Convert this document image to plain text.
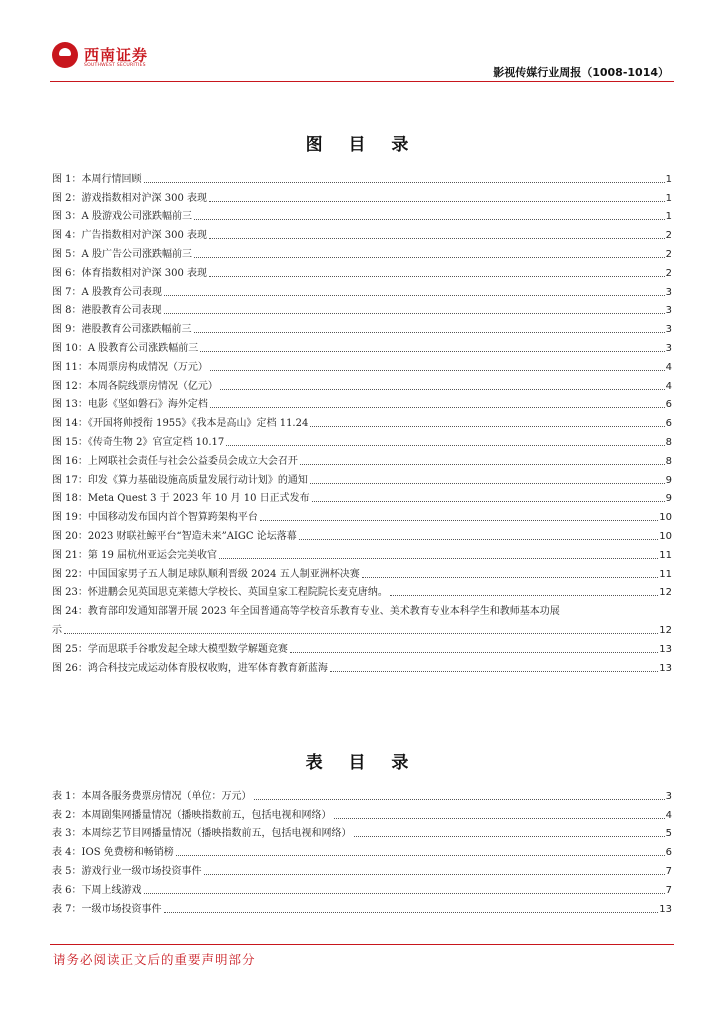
西南证券
SOUTHWEST SECURITIES
影视传媒行业周报（1008-1014）
图 目 录
图 1：本周行情回顾	1
图 2：游戏指数相对沪深 300 表现	1
图 3：A 股游戏公司涨跌幅前三	1
图 4：广告指数相对沪深 300 表现	2
图 5：A 股广告公司涨跌幅前三	2
图 6：体育指数相对沪深 300 表现	2
图 7：A 股教育公司表现	3
图 8：港股教育公司表现	3
图 9：港股教育公司涨跌幅前三	3
图 10：A 股教育公司涨跌幅前三	3
图 11：本周票房构成情况（万元）	4
图 12：本周各院线票房情况（亿元）	4
图 13：电影《坚如磐石》海外定档	6
图 14：《开国将帅授衔 1955》《我本是高山》定档 11.24	6
图 15：《传奇生物 2》官宣定档 10.17	8
图 16：上网联社会责任与社会公益委员会成立大会召开	8
图 17：印发《算力基础设施高质量发展行动计划》的通知	9
图 18：Meta Quest 3 于 2023 年 10 月 10 日正式发布	9
图 19：中国移动发布国内首个智算跨架构平台	10
图 20：2023 财联社鲸平台“智造未来”AIGC 论坛落幕	10
图 21：第 19 届杭州亚运会完美收官	11
图 22：中国国家男子五人制足球队顺利晋级 2024 五人制亚洲杯决赛	11
图 23：怀进鹏会见英国思克莱德大学校长、英国皇家工程院院长麦克唐纳。	12
图 24：教育部印发通知部署开展 2023 年全国普通高等学校音乐教育专业、美术教育专业本科学生和教师基本功展
示	12
图 25：学而思联手谷歌发起全球大模型数学解题竞赛	13
图 26：鸿合科技完成运动体育股权收购，进军体育教育新蓝海	13
表 目 录
表 1：本周各服务费票房情况（单位：万元）	3
表 2：本周剧集网播量情况（播映指数前五，包括电视和网络）	4
表 3：本周综艺节目网播量情况（播映指数前五，包括电视和网络）	5
表 4：IOS 免费榜和畅销榜	6
表 5：游戏行业一级市场投资事件	7
表 6：下周上线游戏	7
表 7：一级市场投资事件	13
请务必阅读正文后的重要声明部分
